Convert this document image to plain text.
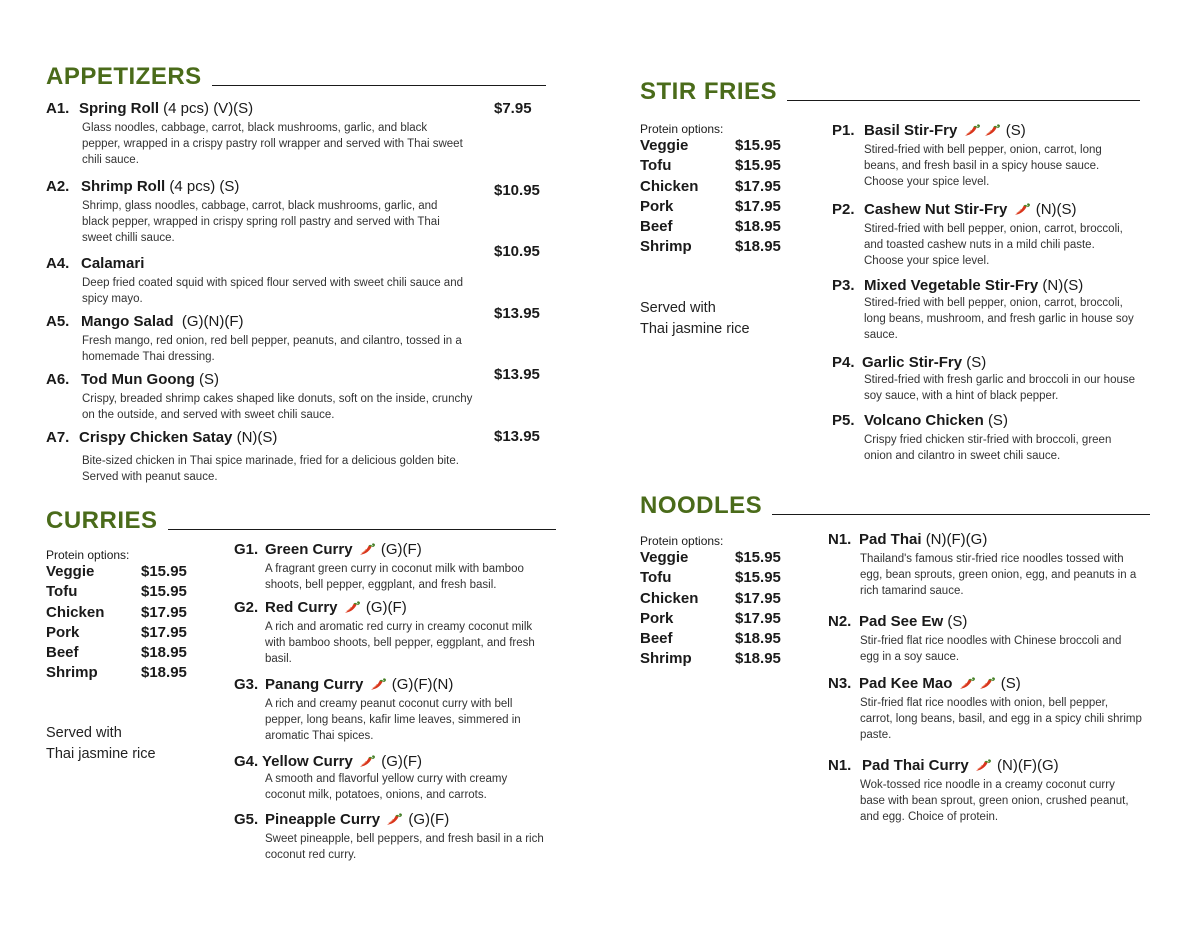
APPETIZERS
A1. Spring Roll (4 pcs) (V)(S)
Glass noodles, cabbage, carrot, black mushrooms, garlic, and black pepper, wrapped in a crispy pastry roll wrapper and served with Thai sweet chili sauce.
$7.95
A2. Shrimp Roll (4 pcs) (S)
Shrimp, glass noodles, cabbage, carrot, black mushrooms, garlic, and black pepper, wrapped in crispy spring roll pastry and served with Thai sweet chilli sauce.
$10.95
A4. Calamari
Deep fried coated squid with spiced flour served with sweet chili sauce and spicy mayo.
$10.95
A5. Mango Salad (G)(N)(F)
Fresh mango, red onion, red bell pepper, peanuts, and cilantro, tossed in a homemade Thai dressing.
$13.95
A6. Tod Mun Goong (S)
Crispy, breaded shrimp cakes shaped like donuts, soft on the inside, crunchy on the outside, and served with sweet chili sauce.
$13.95
A7. Crispy Chicken Satay (N)(S)
Bite-sized chicken in Thai spice marinade, fried for a delicious golden bite. Served with peanut sauce.
$13.95
CURRIES
Protein options:
Veggie	$15.95
Tofu	$15.95
Chicken	$17.95
Pork	$17.95
Beef	$18.95
Shrimp	$18.95
Served with
Thai jasmine rice
G1. Green Curry (G)(F)
A fragrant green curry in coconut milk with bamboo shoots, bell pepper, eggplant, and fresh basil.
G2. Red Curry (G)(F)
A rich and aromatic red curry in creamy coconut milk with bamboo shoots, bell pepper, eggplant, and fresh basil.
G3. Panang Curry (G)(F)(N)
A rich and creamy peanut coconut curry with bell pepper, long beans, kafir lime leaves, simmered in aromatic Thai spices.
G4. Yellow Curry (G)(F)
A smooth and flavorful yellow curry with creamy coconut milk, potatoes, onions, and carrots.
G5. Pineapple Curry (G)(F)
Sweet pineapple, bell peppers, and fresh basil in a rich coconut red curry.
STIR FRIES
Protein options:
Veggie	$15.95
Tofu	$15.95
Chicken	$17.95
Pork	$17.95
Beef	$18.95
Shrimp	$18.95
Served with
Thai jasmine rice
P1. Basil Stir-Fry	(S)
Stired-fried with bell pepper, onion, carrot, long beans, and fresh basil in a spicy house sauce. Choose your spice level.
P2. Cashew Nut Stir-Fry (N)(S)
Stired-fried with bell pepper, onion, carrot, broccoli, and toasted cashew nuts in a mild chili paste. Choose your spice level.
P3. Mixed Vegetable Stir-Fry (N)(S)
Stired-fried with bell pepper, onion, carrot, broccoli, long beans, mushroom, and fresh garlic in house soy sauce.
P4. Garlic Stir-Fry (S)
Stired-fried with fresh garlic and broccoli in our house soy sauce, with a hint of black pepper.
P5. Volcano Chicken (S)
Crispy fried chicken stir-fried with broccoli, green onion and cilantro in sweet chili sauce.
NOODLES
Protein options:
Veggie	$15.95
Tofu	$15.95
Chicken	$17.95
Pork	$17.95
Beef	$18.95
Shrimp	$18.95
N1. Pad Thai (N)(F)(G)
Thailand's famous stir-fried rice noodles tossed with egg, bean sprouts, green onion, egg, and peanuts in a rich tamarind sauce.
N2. Pad See Ew (S)
Stir-fried flat rice noodles with Chinese broccoli and egg in a soy sauce.
N3. Pad Kee Mao	(S)
Stir-fried flat rice noodles with onion, bell pepper, carrot, long beans, basil, and egg in a spicy chili shrimp paste.
N1. Pad Thai Curry (N)(F)(G)
Wok-tossed rice noodle in a creamy coconut curry base with bean sprout, green onion, crushed peanut, and egg. Choice of protein.
